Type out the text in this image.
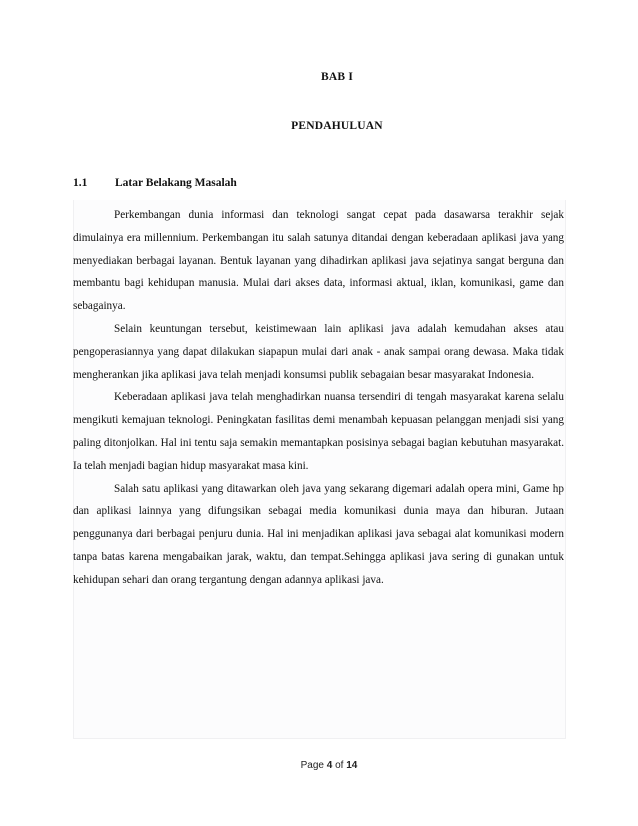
BAB I
PENDAHULUAN
1.1 Latar Belakang Masalah

Perkembangan dunia informasi dan teknologi sangat cepat pada dasawarsa terakhir sejak dimulainya era millennium. Perkembangan itu salah satunya ditandai dengan keberadaan aplikasi java yang menyediakan berbagai layanan. Bentuk layanan yang dihadirkan aplikasi java sejatinya sangat berguna dan membantu bagi kehidupan manusia. Mulai dari akses data, informasi aktual, iklan, komunikasi, game dan sebagainya.

Selain keuntungan tersebut, keistimewaan lain aplikasi java adalah kemudahan akses atau pengoperasiannya yang dapat dilakukan siapapun mulai dari anak - anak sampai orang dewasa. Maka tidak mengherankan jika aplikasi java telah menjadi konsumsi publik sebagaian besar masyarakat Indonesia.

Keberadaan aplikasi java telah menghadirkan nuansa tersendiri di tengah masyarakat karena selalu mengikuti kemajuan teknologi. Peningkatan fasilitas demi menambah kepuasan pelanggan menjadi sisi yang paling ditonjolkan. Hal ini tentu saja semakin memantapkan posisinya sebagai bagian kebutuhan masyarakat. Ia telah menjadi bagian hidup masyarakat masa kini.

Salah satu aplikasi yang ditawarkan oleh java yang sekarang digemari adalah opera mini, Game hp dan aplikasi lainnya yang difungsikan sebagai media komunikasi dunia maya dan hiburan. Jutaan penggunanya dari berbagai penjuru dunia. Hal ini menjadikan aplikasi java sebagai alat komunikasi modern tanpa batas karena mengabaikan jarak, waktu, dan tempat.Sehingga aplikasi java sering di gunakan untuk kehidupan sehari dan orang tergantung dengan adannya aplikasi java.

Page 4 of 14
